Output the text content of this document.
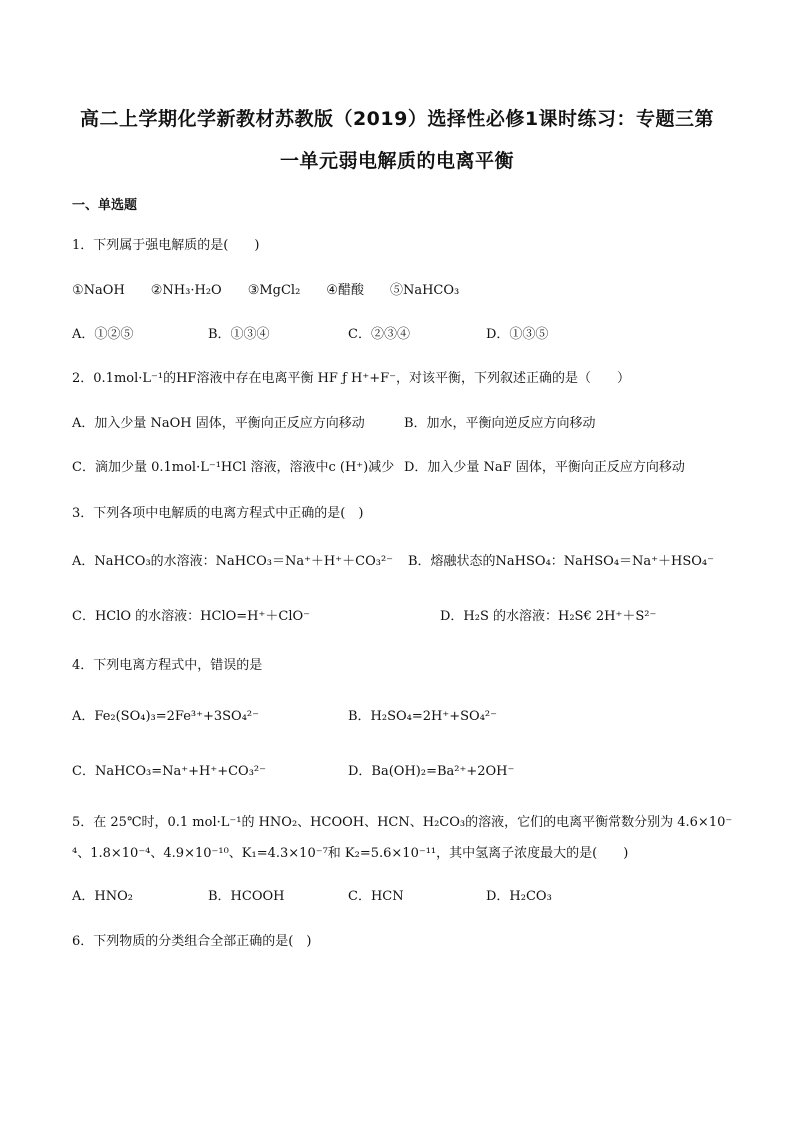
高二上学期化学新教材苏教版（2019）选择性必修1课时练习：专题三第
一单元弱电解质的电离平衡
一、单选题
1．下列属于强电解质的是(　　)
①NaOH　　②NH₃·H₂O　　③MgCl₂　　④醋酸　　⑤NaHCO₃
A．①②⑤	B．①③④	C．②③④	D．①③⑤
2．0.1mol·L⁻¹的HF溶液中存在电离平衡 HF ƒ H⁺+F⁻，对该平衡，下列叙述正确的是（　　）
A．加入少量 NaOH 固体，平衡向正反应方向移动	B．加水，平衡向逆反应方向移动
C．滴加少量 0.1mol·L⁻¹HCl 溶液，溶液中c (H⁺)减少 D．加入少量 NaF 固体，平衡向正反应方向移动
3．下列各项中电解质的电离方程式中正确的是(　)
A．NaHCO₃的水溶液：NaHCO₃＝Na⁺＋H⁺＋CO₃²⁻ B．熔融状态的NaHSO₄：NaHSO₄＝Na⁺＋HSO₄⁻
C．HClO 的水溶液：HClO=H⁺＋ClO⁻	D．H₂S 的水溶液：H₂S€ 2H⁺＋S²⁻
4．下列电离方程式中，错误的是
A．Fe₂(SO₄)₃=2Fe³⁺+3SO₄²⁻	B．H₂SO₄=2H⁺+SO₄²⁻
C．NaHCO₃=Na⁺+H⁺+CO₃²⁻	D．Ba(OH)₂=Ba²⁺+2OH⁻
5．在 25℃时，0.1 mol·L⁻¹的 HNO₂、HCOOH、HCN、H₂CO₃的溶液，它们的电离平衡常数分别为 4.6×10⁻
⁴、1.8×10⁻⁴、4.9×10⁻¹⁰、K₁=4.3×10⁻⁷和 K₂=5.6×10⁻¹¹，其中氢离子浓度最大的是(　　)
A．HNO₂	B．HCOOH	C．HCN	D．H₂CO₃
6．下列物质的分类组合全部正确的是(　)
